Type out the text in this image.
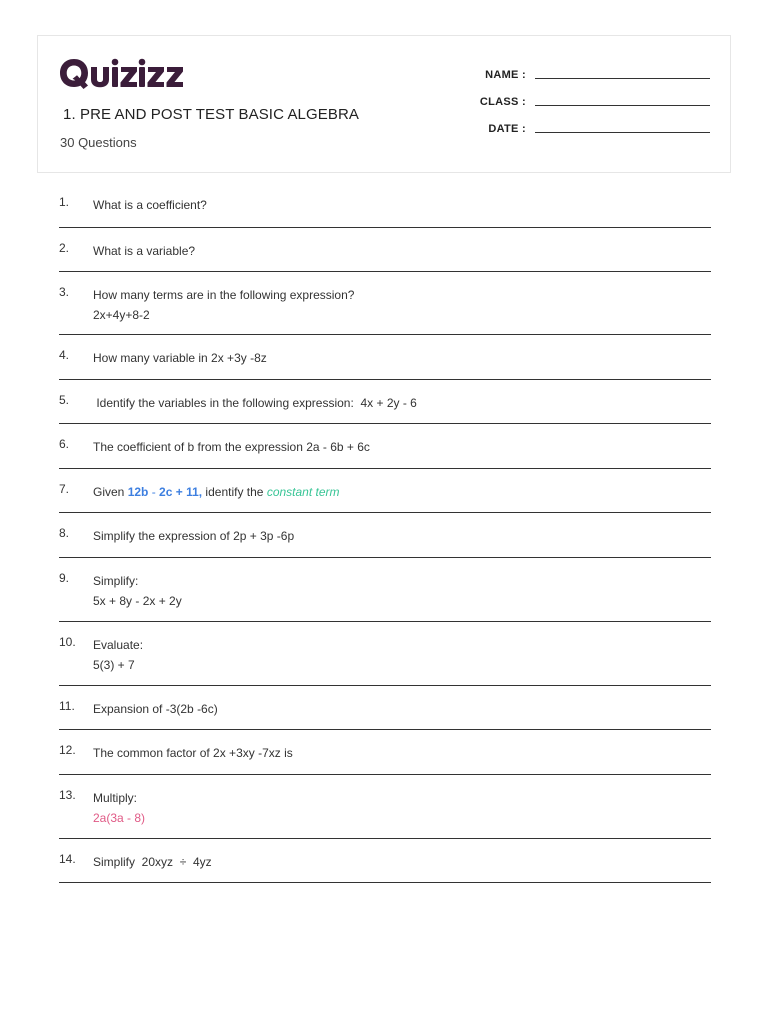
1. PRE AND POST TEST BASIC ALGEBRA
30 Questions
NAME :
CLASS :
DATE :
1.	What is a coefficient?
2.	What is a variable?
3.	How many terms are in the following expression?
2x+4y+8-2
4.	How many variable in 2x +3y -8z
5.	Identify the variables in the following expression:  4x + 2y - 6
6.	The coefficient of b from the expression 2a - 6b + 6c
7.	Given 12b - 2c + 11, identify the constant term
8.	Simplify the expression of 2p + 3p -6p
9.	Simplify:
5x + 8y - 2x + 2y
10.	Evaluate:
5(3) + 7
11.	Expansion of -3(2b -6c)
12.	The common factor of 2x +3xy -7xz is
13.	Multiply:
2a(3a - 8)
14.	Simplify  20xyz  ÷  4yz
